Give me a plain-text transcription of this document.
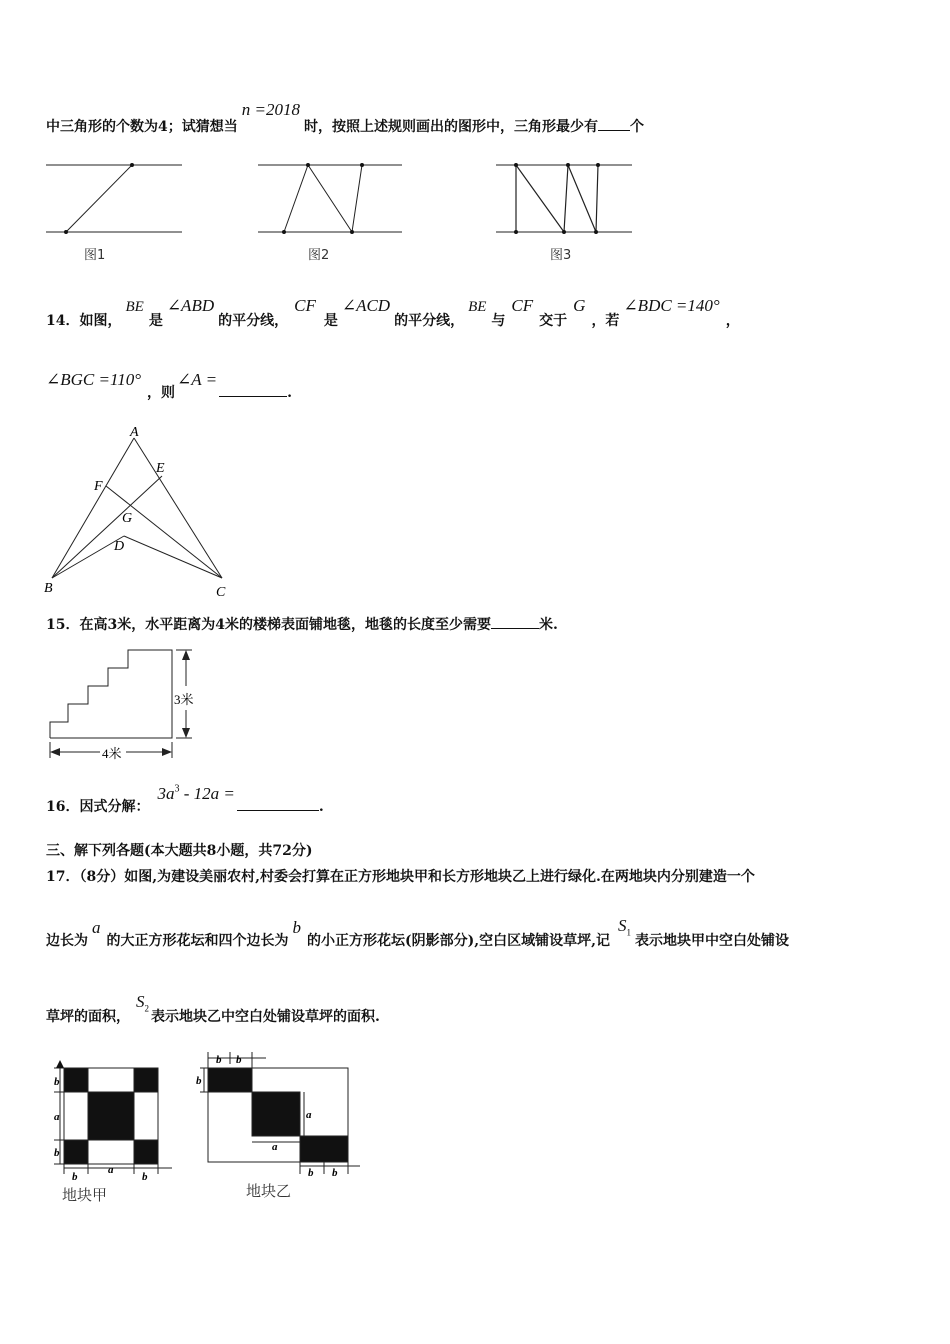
中三角形的个数为4；试猜想当n =2018时，按照上述规则画出的图形中，三角形最少有 个
图1	图2	图3
14．如图，BE是∠ABD的平分线，CF是∠ACD的平分线，BE与CF交于G，若∠BDC =140°，
∠BGC =110°，则∠A =.
A
E
F
G
D
B	C
15．在高3米，水平距离为4米的楼梯表面铺地毯，地毯的长度至少需要	米.
3米
4米
16．因式分解：$3a^3 - 12a$ =.
三、解下列各题(本大题共8小题，共72分)
17．（8分）如图,为建设美丽农村,村委会打算在正方形地块甲和长方形地块乙上进行绿化.在两地块内分别建造一个
边长为a的大正方形花坛和四个边长为b的小正方形花坛(阴影部分),空白区域铺设草坪,记$S_1$表示地块甲中空白处铺设
草坪的面积，$S_2$表示地块乙中空白处铺设草坪的面积.
b
a
b
b
a
b
地块甲
b b
b
a
a
b b
地块乙
